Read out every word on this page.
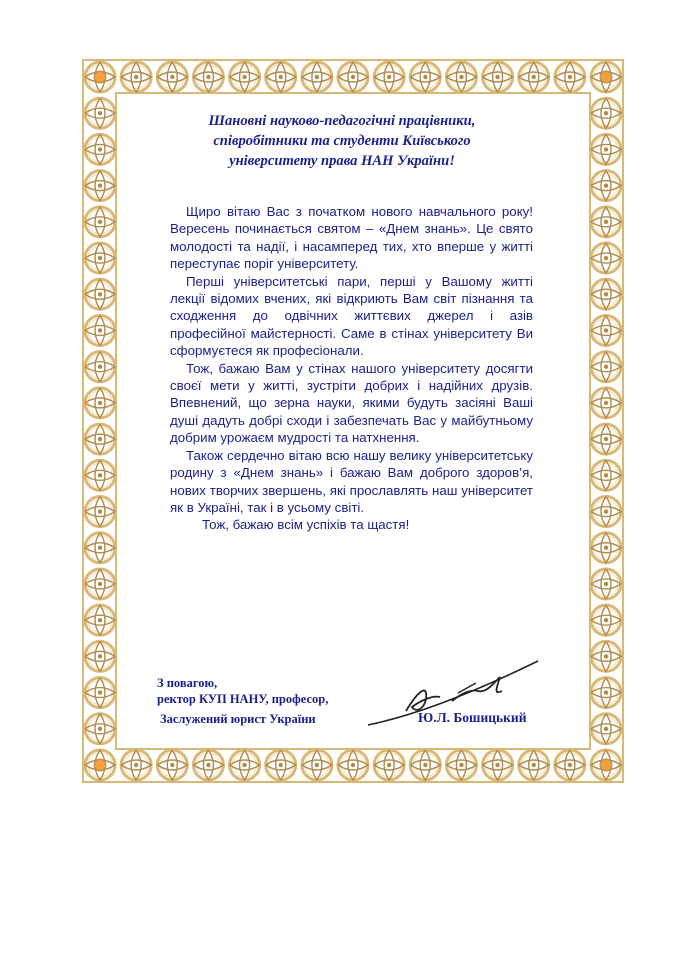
Шановні науково-педагогічні працівники,
співробітники та студенти Київського
університету права НАН України!

Щиро вітаю Вас з початком нового навчального року! Вересень починається святом – «Днем знань». Це свято молодості та надії, і насамперед тих, хто вперше у житті переступає поріг університету.

Перші університетські пари, перші у Вашому житті лекції відомих вчених, які відкриють Вам світ пізнання та сходження до одвічних життєвих джерел і азів професійної майстерності. Саме в стінах університету Ви сформуєтеся як професіонали.

Тож, бажаю Вам у стінах нашого університету досягти своєї мети у житті, зустріти добрих і надійних друзів. Впевнений, що зерна науки, якими будуть засіяні Ваші душі дадуть добрі сходи і забезпечать Вас у майбутньому добрим урожаєм мудрості та натхнення.

Також сердечно вітаю всю нашу велику університетську родину з «Днем знань» і бажаю Вам доброго здоров’я, нових творчих звершень, які прославлять наш університет як в Україні, так і в усьому світі.

Тож, бажаю всім успіхів та щастя!

З повагою,
ректор КУП НАНУ, професор,
Заслужений юрист України	Ю.Л. Бошицький
